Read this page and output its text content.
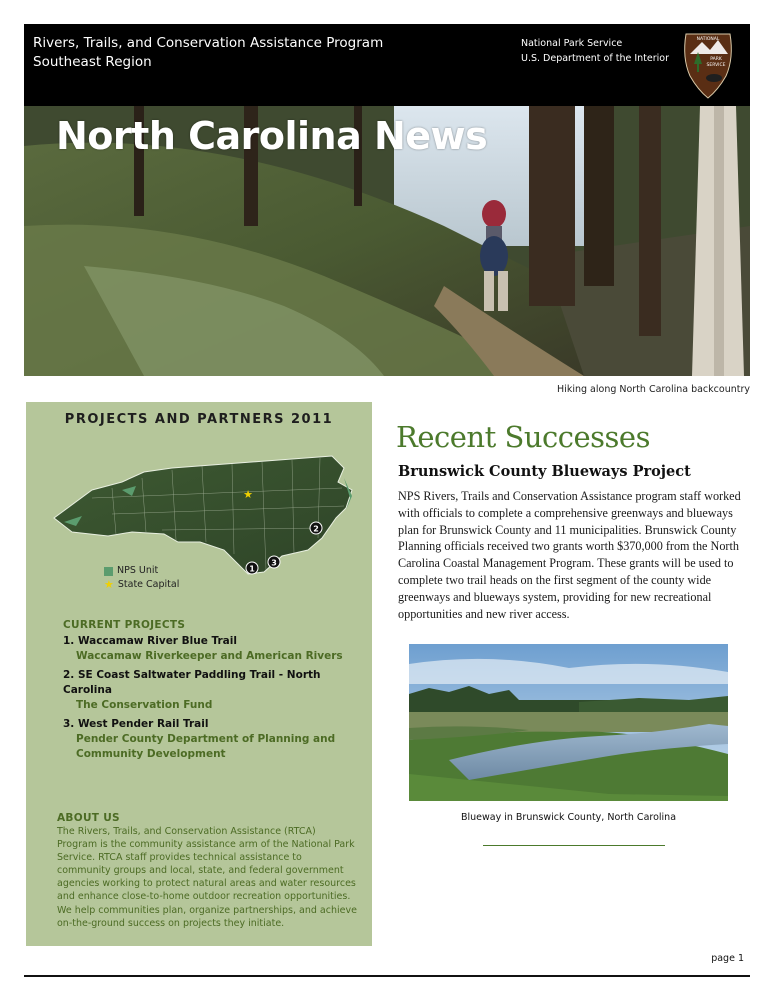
Rivers, Trails, and Conservation Assistance Program
Southeast Region
National Park Service
U.S. Department of the Interior
NATIONAL
PARK
SERVICE
North Carolina News
Hiking along North Carolina backcountry
PROJECTS AND PARTNERS 2011
★
2
1
3
NPS Unit
★ State Capital
CURRENT PROJECTS
1. Waccamaw River Blue Trail
Waccamaw Riverkeeper and American Rivers
2. SE Coast Saltwater Paddling Trail - North Carolina
The Conservation Fund
3. West Pender Rail Trail
Pender County Department of Planning and Community Development
ABOUT US
The Rivers, Trails, and Conservation Assistance (RTCA) Program is the community assistance arm of the National Park Service. RTCA staff provides technical assistance to community groups and local, state, and federal government agencies working to protect natural areas and water resources and enhance close-to-home outdoor recreation opportunities. We help communities plan, organize partnerships, and achieve on-the-ground success on projects they initiate.
Recent Successes
Brunswick County Blueways Project
NPS Rivers, Trails and Conservation Assistance program staff worked with officials to complete a comprehensive greenways and blueways plan for Brunswick County and 11 municipalities. Brunswick County Planning officials received two grants worth $370,000 from the North Carolina Coastal Management Program. These grants will be used to complete two trail heads on the first segment of the county wide greenways and blueways system, providing for new recreational opportunities and new river access.
Blueway in Brunswick County, North Carolina
page 1
